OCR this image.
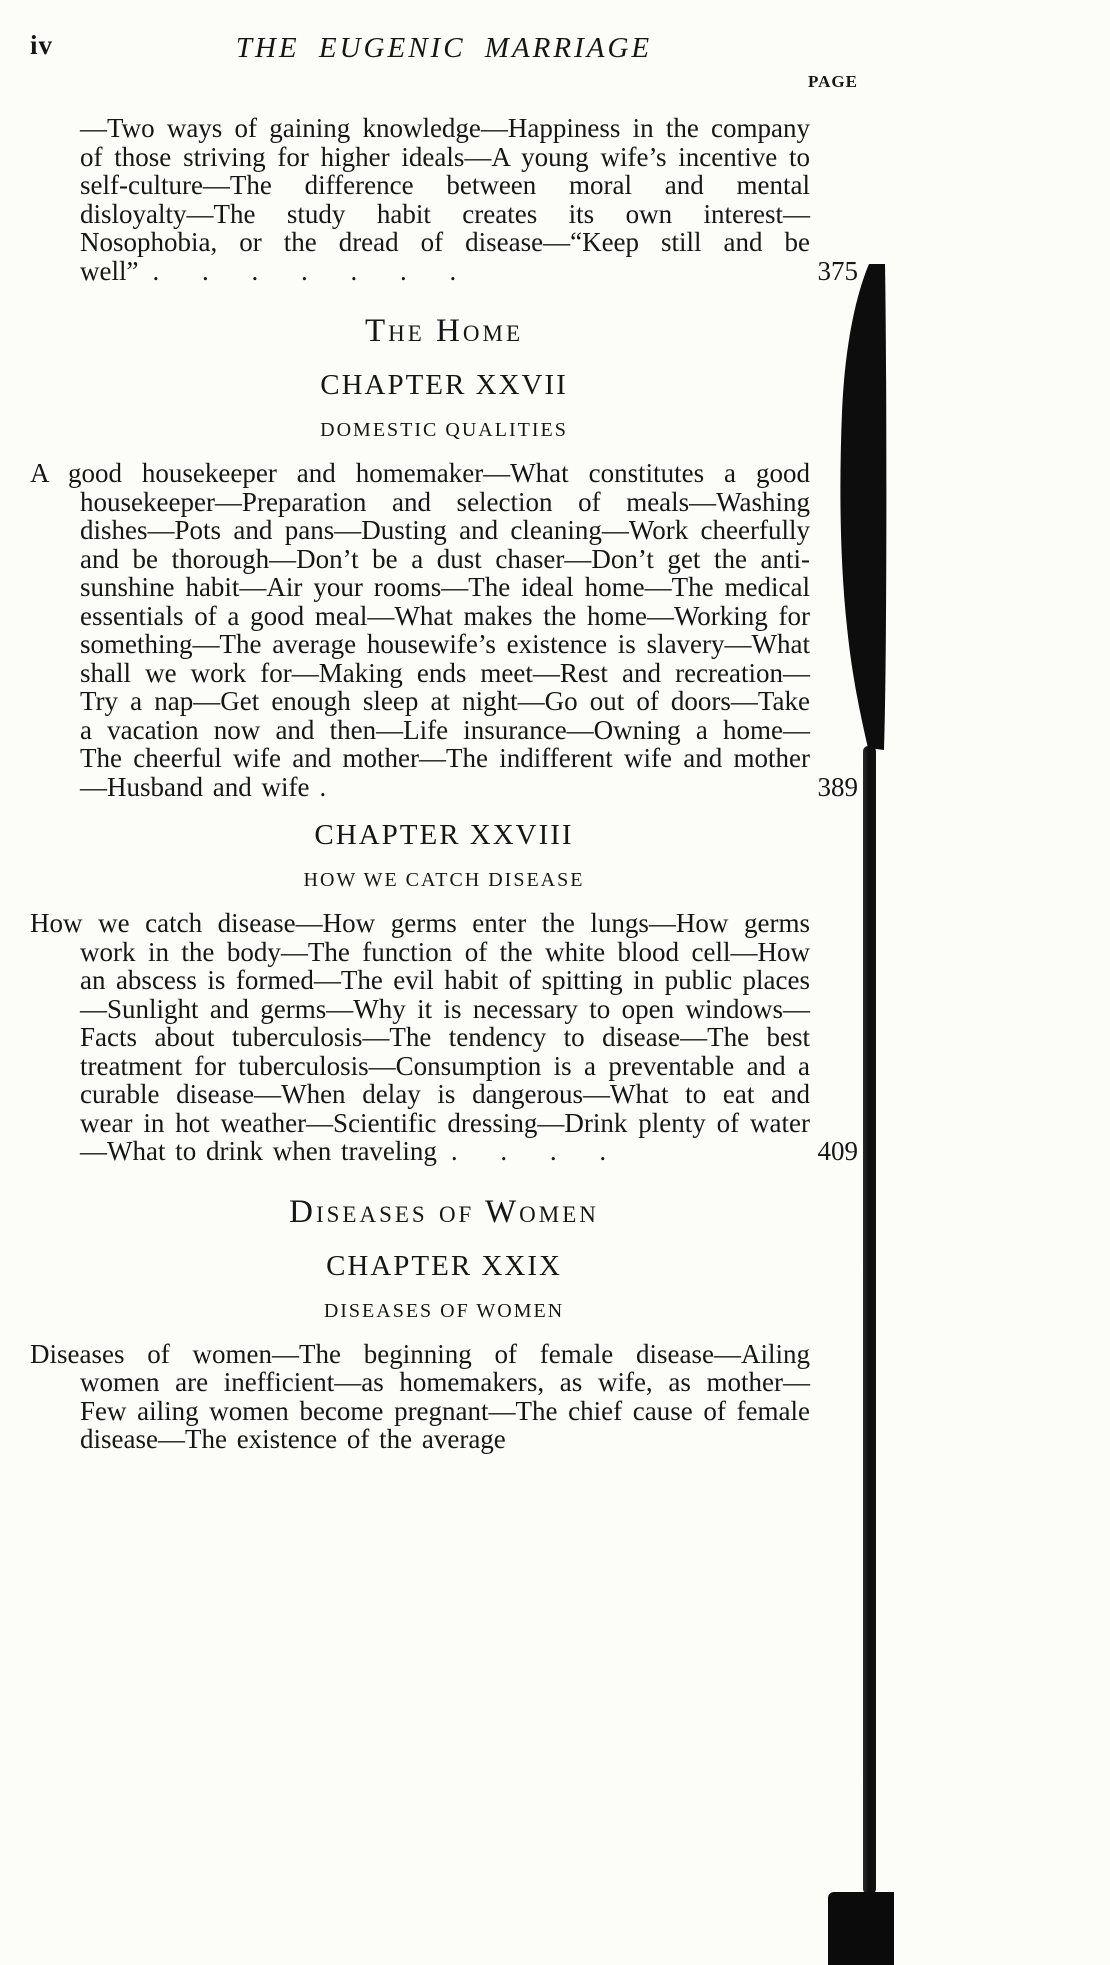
iv	THE EUGENIC MARRIAGE
PAGE

—Two ways of gaining knowledge—Happiness in the company of those striving for higher ideals—A young wife’s incentive to self-culture—The difference between moral and mental disloyalty—The study habit creates its own interest—Nosophobia, or the dread of disease—“Keep still and be well” . . . . . . .	375
The Home
CHAPTER XXVII
DOMESTIC QUALITIES

A good housekeeper and homemaker—What constitutes a good housekeeper—Preparation and selection of meals—Washing dishes—Pots and pans—Dusting and cleaning—Work cheerfully and be thorough—Don’t be a dust chaser—Don’t get the anti-sunshine habit—Air your rooms—The ideal home—The medical essentials of a good meal—What makes the home—Working for something—The average housewife’s existence is slavery—What shall we work for—Making ends meet—Rest and recreation—Try a nap—Get enough sleep at night—Go out of doors—Take a vacation now and then—Life insurance—Owning a home—The cheerful wife and mother—The indifferent wife and mother—Husband and wife .	389
CHAPTER XXVIII
HOW WE CATCH DISEASE

How we catch disease—How germs enter the lungs—How germs work in the body—The function of the white blood cell—How an abscess is formed—The evil habit of spitting in public places—Sunlight and germs—Why it is necessary to open windows—Facts about tuberculosis—The tendency to disease—The best treatment for tuberculosis—Consumption is a preventable and a curable disease—When delay is dangerous—What to eat and wear in hot weather—Scientific dressing—Drink plenty of water—What to drink when traveling . . . .	409
Diseases of Women
CHAPTER XXIX
DISEASES OF WOMEN

Diseases of women—The beginning of female disease—Ailing women are inefficient—as homemakers, as wife, as mother—Few ailing women become pregnant—The chief cause of female disease—The existence of the average
